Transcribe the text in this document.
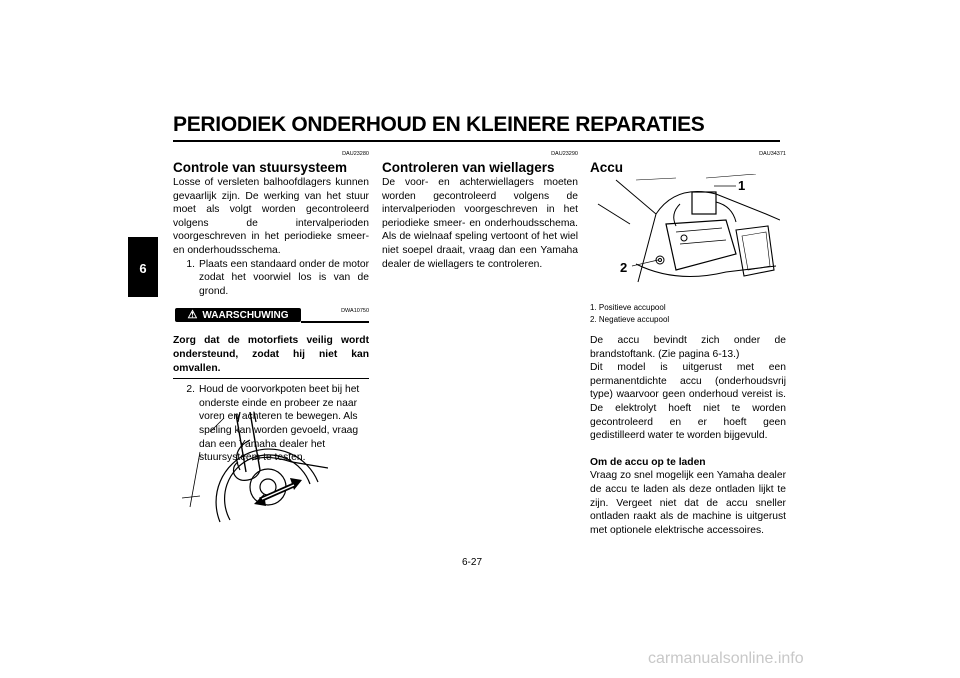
PERIODIEK ONDERHOUD EN KLEINERE REPARATIES
6
DAU23280
Controle van stuursysteem

Losse of versleten balhoofdlagers kunnen gevaarlijk zijn. De werking van het stuur moet als volgt worden gecontroleerd volgens de intervalperioden voorgeschreven in het periodieke smeer- en onderhoudsschema.

1. Plaats een standaard onder de motor zodat het voorwiel los is van de grond.
⚠ WAARSCHUWING	DWA10750

Zorg dat de motorfiets veilig wordt ondersteund, zodat hij niet kan omvallen.

2. Houd de voorvorkpoten beet bij het onderste einde en probeer ze naar voren en achteren te bewegen. Als speling kan worden gevoeld, vraag dan een Yamaha dealer het stuursysteem te testen.
DAU23290
Controleren van wiellagers

De voor- en achterwiellagers moeten worden gecontroleerd volgens de intervalperioden voorgeschreven in het periodieke smeer- en onderhoudsschema. Als de wielnaaf speling vertoont of het wiel niet soepel draait, vraag dan een Yamaha dealer de wiellagers te controleren.

DAU34371
Accu
1
2
1. Positieve accupool
2. Negatieve accupool

De accu bevindt zich onder de brandstoftank. (Zie pagina 6-13.)

Dit model is uitgerust met een permanentdichte accu (onderhoudsvrij type) waarvoor geen onderhoud vereist is. De elektrolyt hoeft niet te worden gecontroleerd en er hoeft geen gedistilleerd water te worden bijgevuld.

Om de accu op te laden

Vraag zo snel mogelijk een Yamaha dealer de accu te laden als deze ontladen lijkt te zijn. Vergeet niet dat de accu sneller ontladen raakt als de machine is uitgerust met optionele elektrische accessoires.

6-27
carmanualsonline.info
